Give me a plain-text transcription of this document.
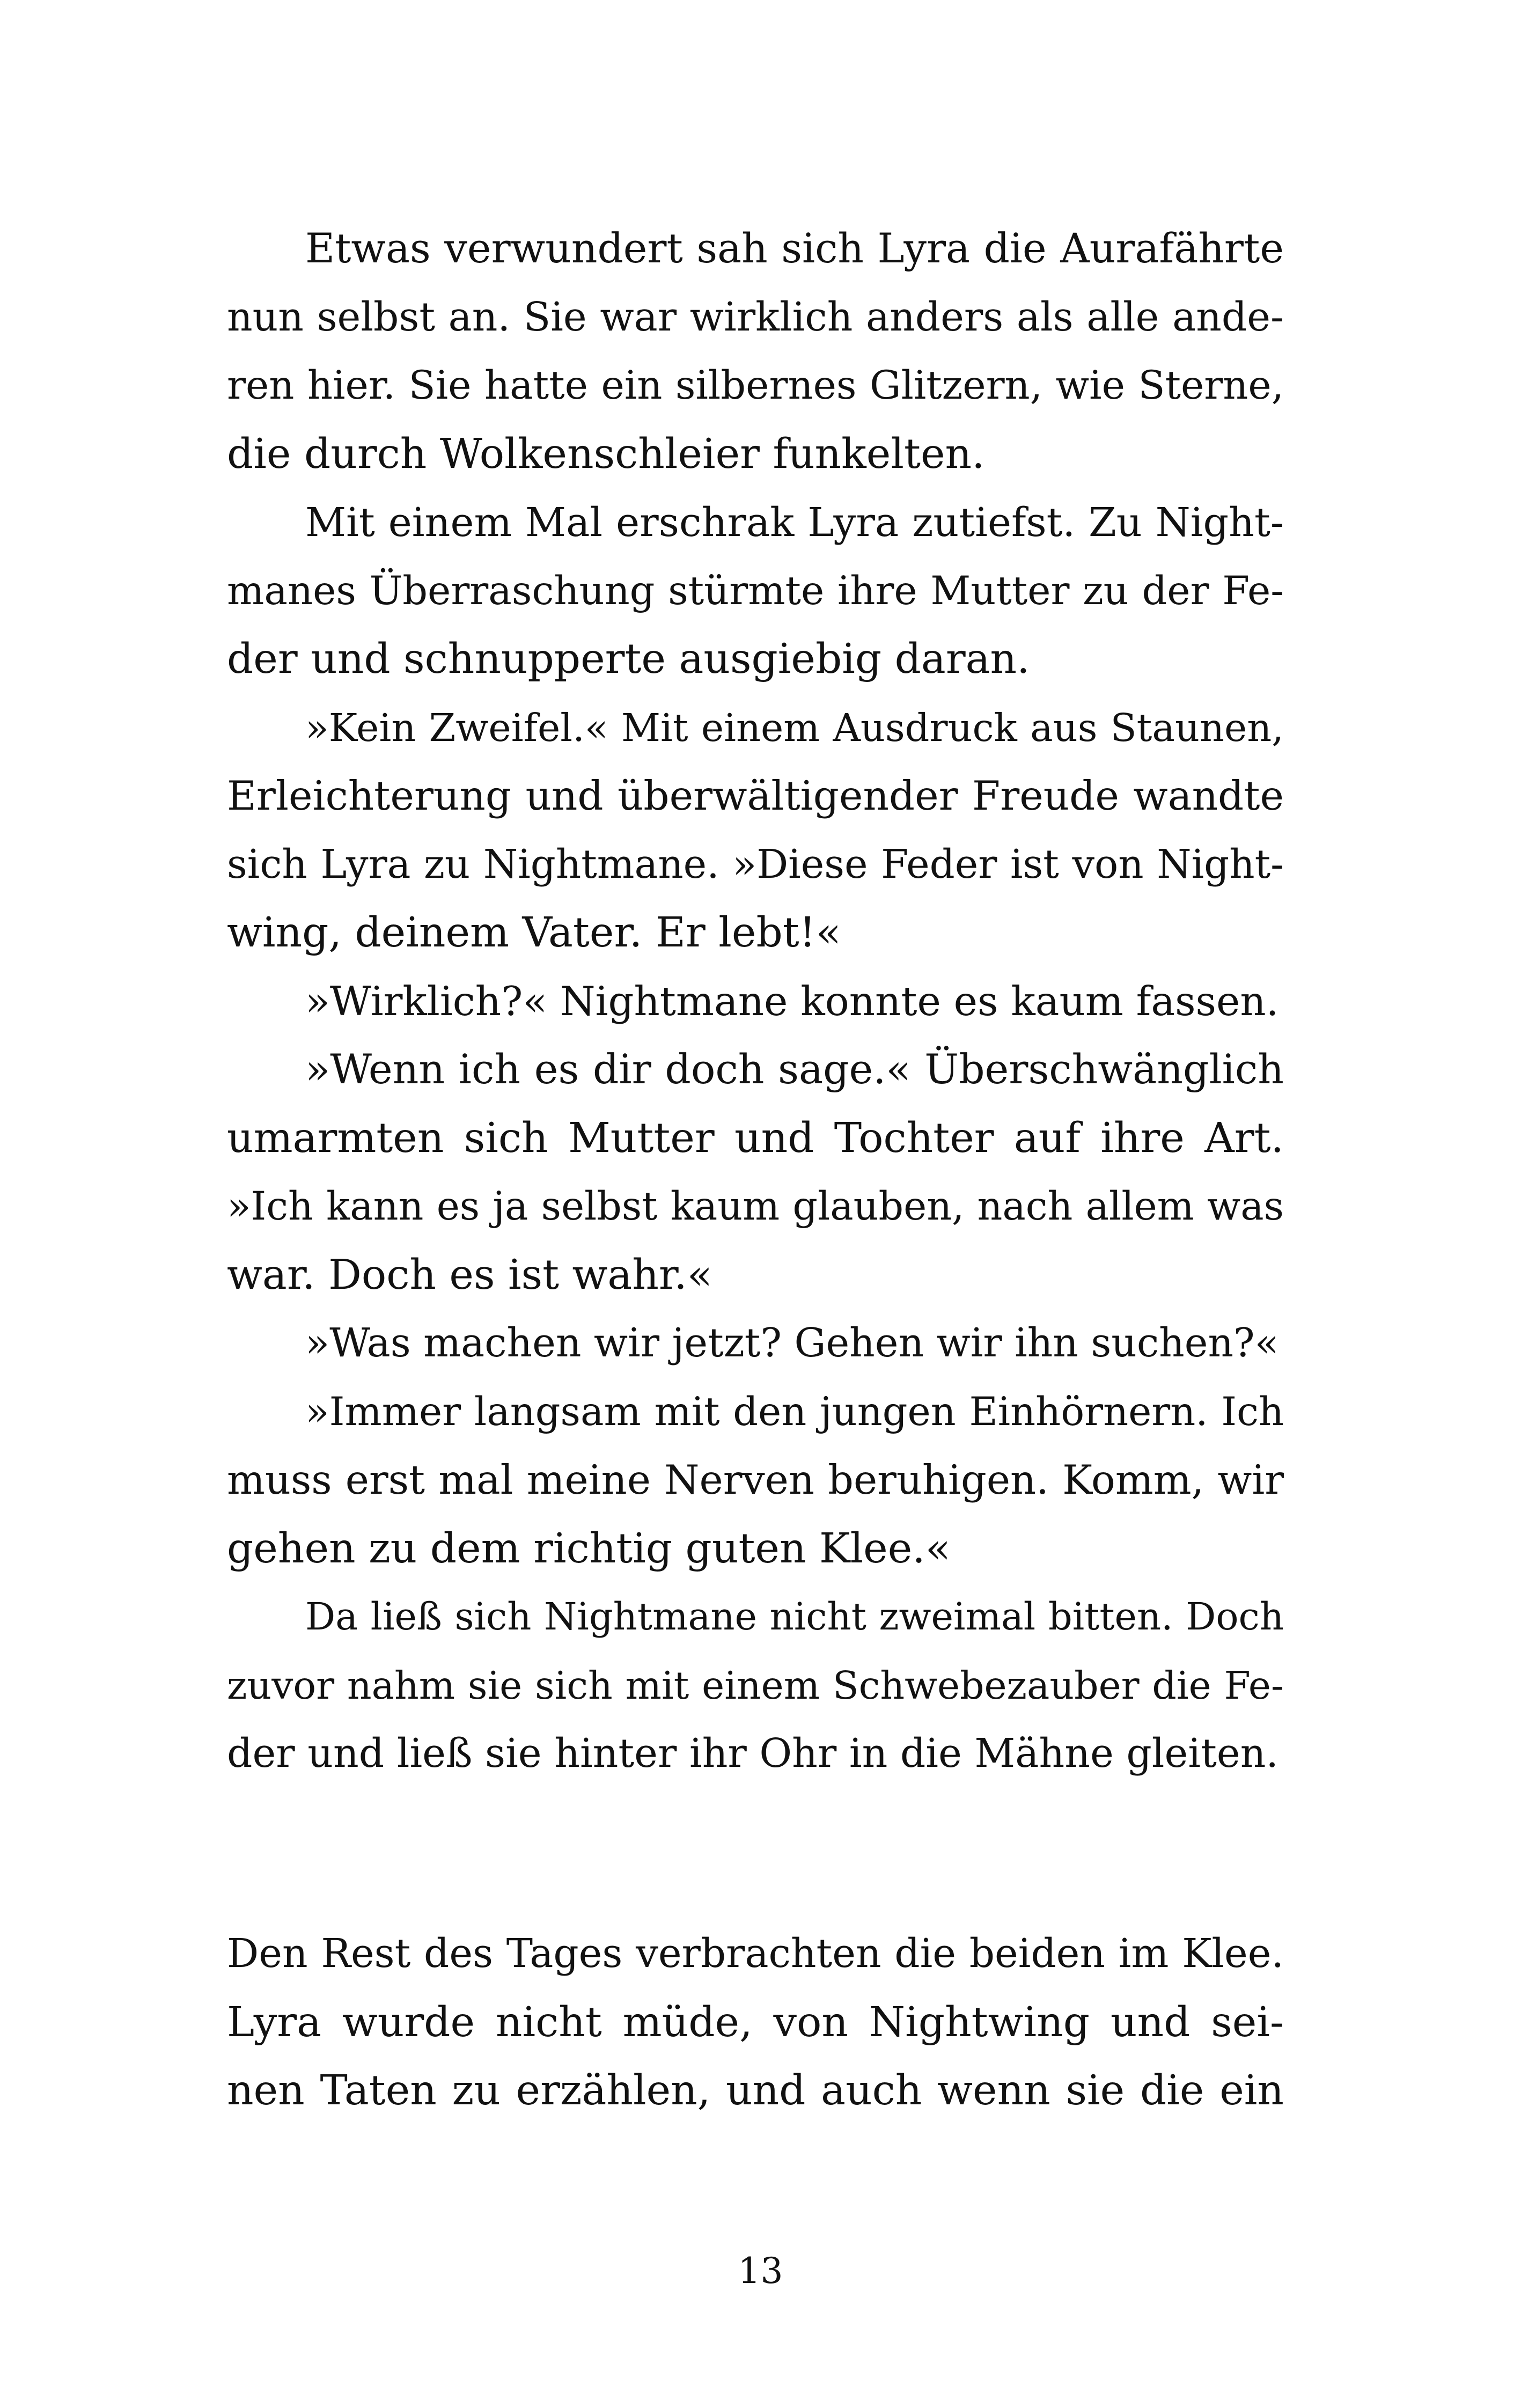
Etwas verwundert sah sich Lyra die Aurafährte
nun selbst an. Sie war wirklich anders als alle ande-
ren hier. Sie hatte ein silbernes Glitzern, wie Sterne,
die durch Wolkenschleier funkelten.
Mit einem Mal erschrak Lyra zutiefst. Zu Night-
manes Überraschung stürmte ihre Mutter zu der Fe-
der und schnupperte ausgiebig daran.
»Kein Zweifel.« Mit einem Ausdruck aus Staunen,
Erleichterung und überwältigender Freude wandte
sich Lyra zu Nightmane. »Diese Feder ist von Night-
wing, deinem Vater. Er lebt!«
»Wirklich?« Nightmane konnte es kaum fassen.
»Wenn ich es dir doch sage.« Überschwänglich
umarmten sich Mutter und Tochter auf ihre Art.
»Ich kann es ja selbst kaum glauben, nach allem was
war. Doch es ist wahr.«
»Was machen wir jetzt? Gehen wir ihn suchen?«
»Immer langsam mit den jungen Einhörnern. Ich
muss erst mal meine Nerven beruhigen. Komm, wir
gehen zu dem richtig guten Klee.«
Da ließ sich Nightmane nicht zweimal bitten. Doch
zuvor nahm sie sich mit einem Schwebezauber die Fe-
der und ließ sie hinter ihr Ohr in die Mähne gleiten.
Den Rest des Tages verbrachten die beiden im Klee.
Lyra wurde nicht müde, von Nightwing und sei-
nen Taten zu erzählen, und auch wenn sie die ein
13
